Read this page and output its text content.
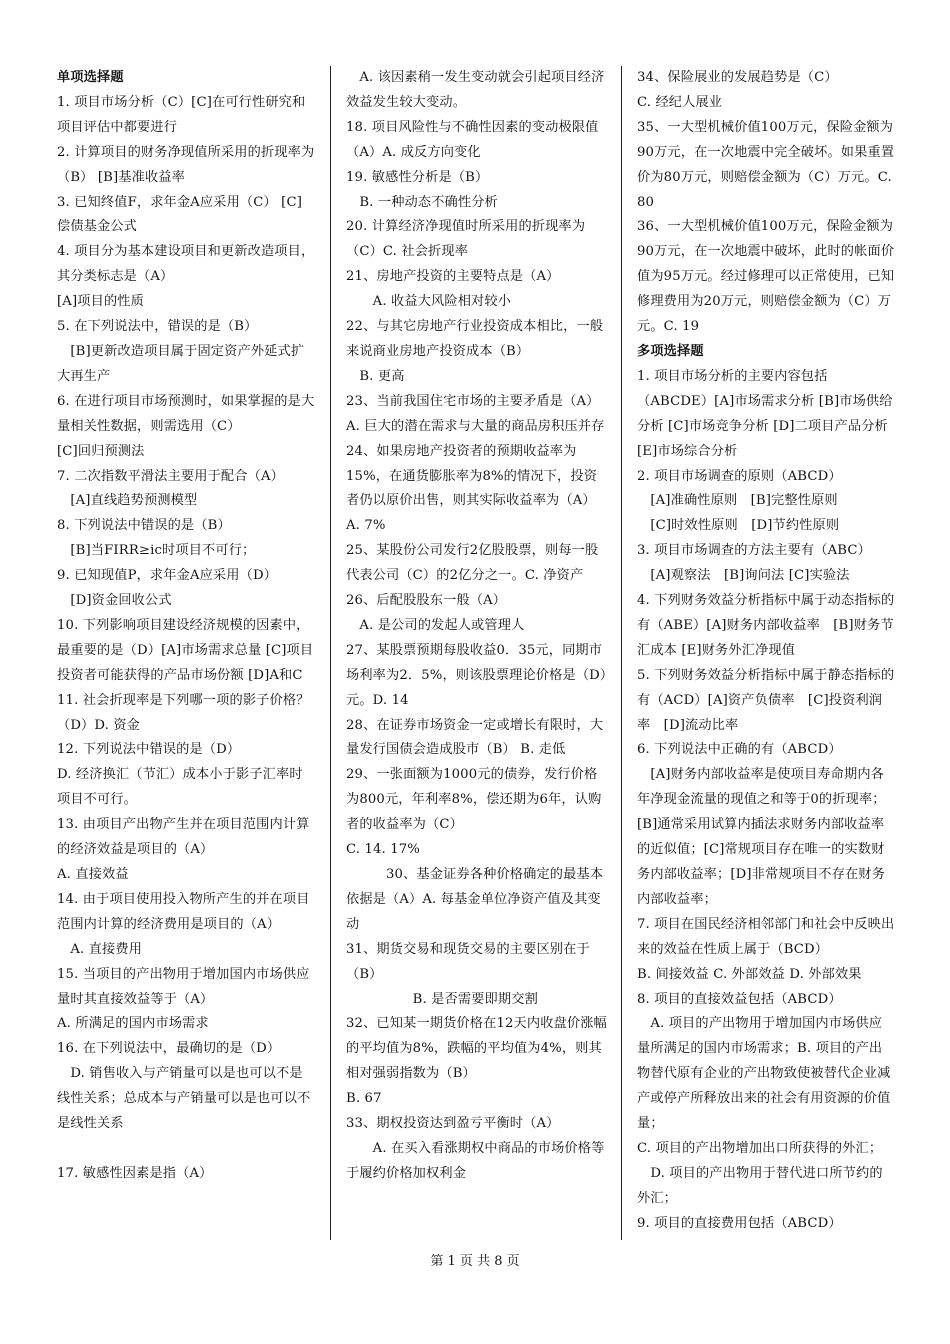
单项选择题

1. 项目市场分析（C）[C]在可行性研究和项目评估中都要进行

2. 计算项目的财务净现值所采用的折现率为（B） [B]基准收益率

3. 已知终值F，求年金A应采用（C） [C]偿债基金公式

4. 项目分为基本建设项目和更新改造项目，其分类标志是（A）

[A]项目的性质

5. 在下列说法中，错误的是（B）

　[B]更新改造项目属于固定资产外延式扩大再生产

6. 在进行项目市场预测时，如果掌握的是大量相关性数据，则需选用（C）

[C]回归预测法

7. 二次指数平滑法主要用于配合（A）

　[A]直线趋势预测模型

8. 下列说法中错误的是（B）

　[B]当FIRR≥ic时项目不可行；

9. 已知现值P，求年金A应采用（D）

　[D]资金回收公式

10. 下列影响项目建设经济规模的因素中，最重要的是（D）[A]市场需求总量 [C]项目投资者可能获得的产品市场份额 [D]A和C

11. 社会折现率是下列哪一项的影子价格？（D）D. 资金

12. 下列说法中错误的是（D）

D. 经济换汇（节汇）成本小于影子汇率时项目不可行。

13. 由项目产出物产生并在项目范围内计算的经济效益是项目的（A）

A. 直接效益

14. 由于项目使用投入物所产生的并在项目范围内计算的经济费用是项目的（A）

　A. 直接费用

15. 当项目的产出物用于增加国内市场供应量时其直接效益等于（A）

A. 所满足的国内市场需求

16. 在下列说法中，最确切的是（D）

　D. 销售收入与产销量可以是也可以不是线性关系；总成本与产销量可以是也可以不是线性关系

17. 敏感性因素是指（A）

　A. 该因素稍一发生变动就会引起项目经济效益发生较大变动。

18. 项目风险性与不确性因素的变动极限值（A）A. 成反方向变化

19. 敏感性分析是（B）

　B. 一种动态不确性分析

20. 计算经济净现值时所采用的折现率为（C）C. 社会折现率

21、房地产投资的主要特点是（A）

　　A. 收益大风险相对较小

22、与其它房地产行业投资成本相比，一般来说商业房地产投资成本（B）

　B. 更高

23、当前我国住宅市场的主要矛盾是（A）A. 巨大的潜在需求与大量的商品房积压并存

24、如果房地产投资者的预期收益率为15%，在通货膨胀率为8%的情况下，投资者仍以原价出售，则其实际收益率为（A）A. 7%

25、某股份公司发行2亿股股票，则每一股代表公司（C）的2亿分之一。C. 净资产

26、后配股股东一般（A）

　A. 是公司的发起人或管理人

27、某股票预期每股收益0．35元，同期市场利率为2．5%，则该股票理论价格是（D）元。D. 14

28、在证券市场资金一定或增长有限时，大量发行国债会造成股市（B） B. 走低

29、一张面额为1000元的债券，发行价格为800元，年利率8%，偿还期为6年，认购者的收益率为（C）

C. 14. 17%

　　　30、基金证券各种价格确定的最基本依据是（A）A. 每基金单位净资产值及其变动

31、期货交易和现货交易的主要区别在于（B）

　　　　　B. 是否需要即期交割

32、已知某一期货价格在12天内收盘价涨幅的平均值为8%，跌幅的平均值为4%，则其相对强弱指数为（B）

B. 67

33、期权投资达到盈亏平衡时（A）

　　A. 在买入看涨期权中商品的市场价格等于履约价格加权利金

34、保险展业的发展趋势是（C）

C. 经纪人展业

35、一大型机械价值100万元，保险金额为90万元，在一次地震中完全破坏。如果重置价为80万元，则赔偿金额为（C）万元。C. 80

36、一大型机械价值100万元，保险金额为90万元，在一次地震中破坏，此时的帐面价值为95万元。经过修理可以正常使用，已知修理费用为20万元，则赔偿金额为（C）万元。C. 19

多项选择题

1. 项目市场分析的主要内容包括（ABCDE）[A]市场需求分析 [B]市场供给分析 [C]市场竞争分析 [D]二项目产品分析 [E]市场综合分析

2. 项目市场调查的原则（ABCD）

　[A]准确性原则　[B]完整性原则

　[C]时效性原则　[D]节约性原则

3. 项目市场调查的方法主要有（ABC）

　[A]观察法　[B]询问法 [C]实验法

4. 下列财务效益分析指标中属于动态指标的有（ABE）[A]财务内部收益率　[B]财务节汇成本 [E]财务外汇净现值

5. 下列财务效益分析指标中属于静态指标的有（ACD）[A]资产负债率　[C]投资利润率　[D]流动比率

6. 下列说法中正确的有（ABCD）

　[A]财务内部收益率是使项目寿命期内各年净现金流量的现值之和等于0的折现率；[B]通常采用试算内插法求财务内部收益率的近似值；[C]常规项目存在唯一的实数财务内部收益率；[D]非常规项目不存在财务内部收益率；

7. 项目在国民经济相邻部门和社会中反映出来的效益在性质上属于（BCD）

B. 间接效益 C. 外部效益 D. 外部效果

8. 项目的直接效益包括（ABCD）

　A. 项目的产出物用于增加国内市场供应量所满足的国内市场需求；B. 项目的产出物替代原有企业的产出物致使被替代企业减产或停产所释放出来的社会有用资源的价值量；

C. 项目的产出物增加出口所获得的外汇；

　D. 项目的产出物用于替代进口所节约的外汇；

9. 项目的直接费用包括（ABCD）

第 1 页 共 8 页
